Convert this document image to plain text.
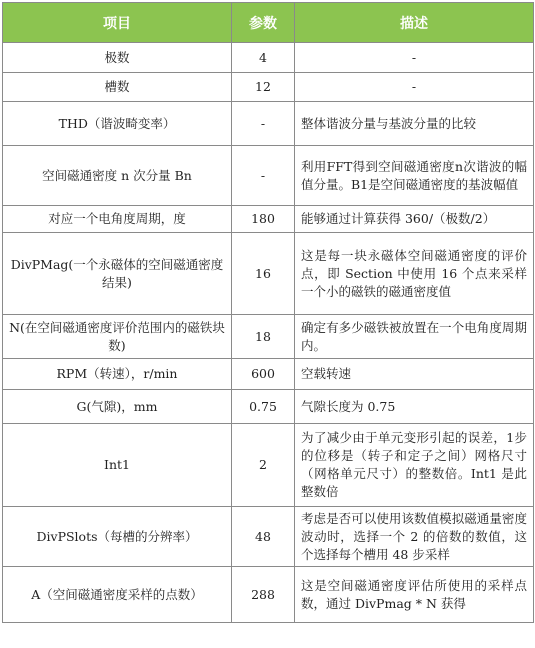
项目	参数	描述
极数	4	-
槽数	12	-
THD（谐波畸变率）	-	整体谐波分量与基波分量的比较
空间磁通密度 n 次分量 Bn	-	利用FFT得到空间磁通密度n次谐波的幅值分量。B1是空间磁通密度的基波幅值
对应一个电角度周期，度	180	能够通过计算获得 360/（极数/2）
DivPMag(一个永磁体的空间磁通密度结果)	16	这是每一块永磁体空间磁通密度的评价点，即 Section 中使用 16 个点来采样一个小的磁铁的磁通密度值
N(在空间磁通密度评价范围内的磁铁块数)	18	确定有多少磁铁被放置在一个电角度周期内。
RPM（转速），r/min	600	空载转速
G(气隙)，mm	0.75	气隙长度为 0.75
Int1	2	为了减少由于单元变形引起的误差，1步的位移是（转子和定子之间）网格尺寸（网格单元尺寸）的整数倍。Int1 是此整数倍
DivPSlots（每槽的分辨率）	48	考虑是否可以使用该数值模拟磁通量密度波动时，选择一个 2 的倍数的数值，这个选择每个槽用 48 步采样
A（空间磁通密度采样的点数）	288	这是空间磁通密度评估所使用的采样点数，通过 DivPmag * N 获得
